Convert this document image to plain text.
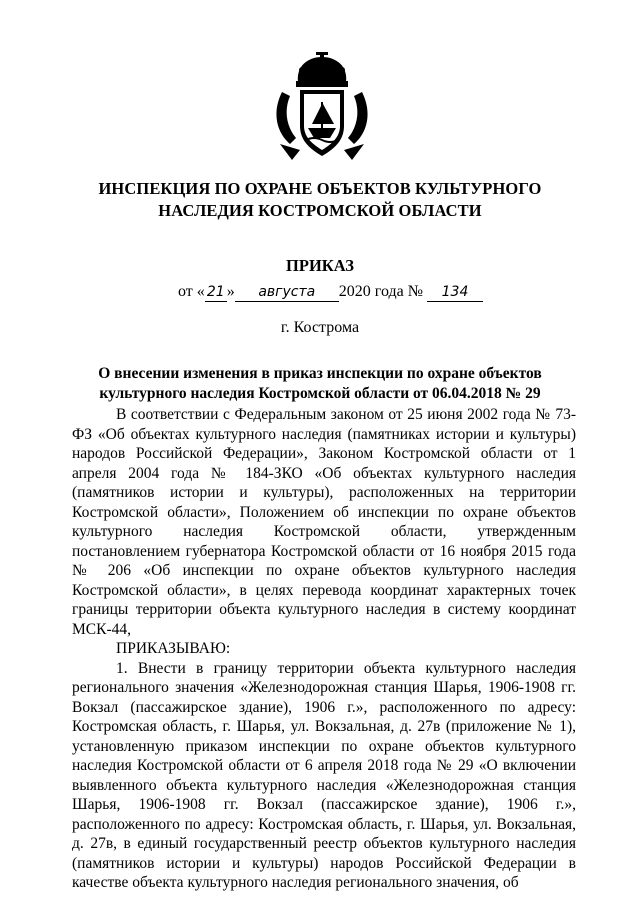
ИНСПЕКЦИЯ ПО ОХРАНЕ ОБЪЕКТОВ КУЛЬТУРНОГО
НАСЛЕДИЯ КОСТРОМСКОЙ ОБЛАСТИ
ПРИКАЗ
от « 21 » августа 2020 года № 134
г. Кострома
О внесении изменения в приказ инспекции по охране объектов
культурного наследия Костромской области от 06.04.2018 № 29

В соответствии с Федеральным законом от 25 июня 2002 года № 73-ФЗ «Об объектах культурного наследия (памятниках истории и культуры) народов Российской Федерации», Законом Костромской области от 1 апреля 2004 года № 184-ЗКО «Об объектах культурного наследия (памятников истории и культуры), расположенных на территории Костромской области», Положением об инспекции по охране объектов культурного наследия Костромской области, утвержденным постановлением губернатора Костромской области от 16 ноября 2015 года № 206 «Об инспекции по охране объектов культурного наследия Костромской области», в целях перевода координат характерных точек границы территории объекта культурного наследия в систему координат МСК-44,

ПРИКАЗЫВАЮ:

1. Внести в границу территории объекта культурного наследия регионального значения «Железнодорожная станция Шарья, 1906-1908 гг. Вокзал (пассажирское здание), 1906 г.», расположенного по адресу: Костромская область, г. Шарья, ул. Вокзальная, д. 27в (приложение № 1), установленную приказом инспекции по охране объектов культурного наследия Костромской области от 6 апреля 2018 года № 29 «О включении выявленного объекта культурного наследия «Железнодорожная станция Шарья, 1906-1908 гг. Вокзал (пассажирское здание), 1906 г.», расположенного по адресу: Костромская область, г. Шарья, ул. Вокзальная, д. 27в, в единый государственный реестр объектов культурного наследия (памятников истории и культуры) народов Российской Федерации в качестве объекта культурного наследия регионального значения, об
